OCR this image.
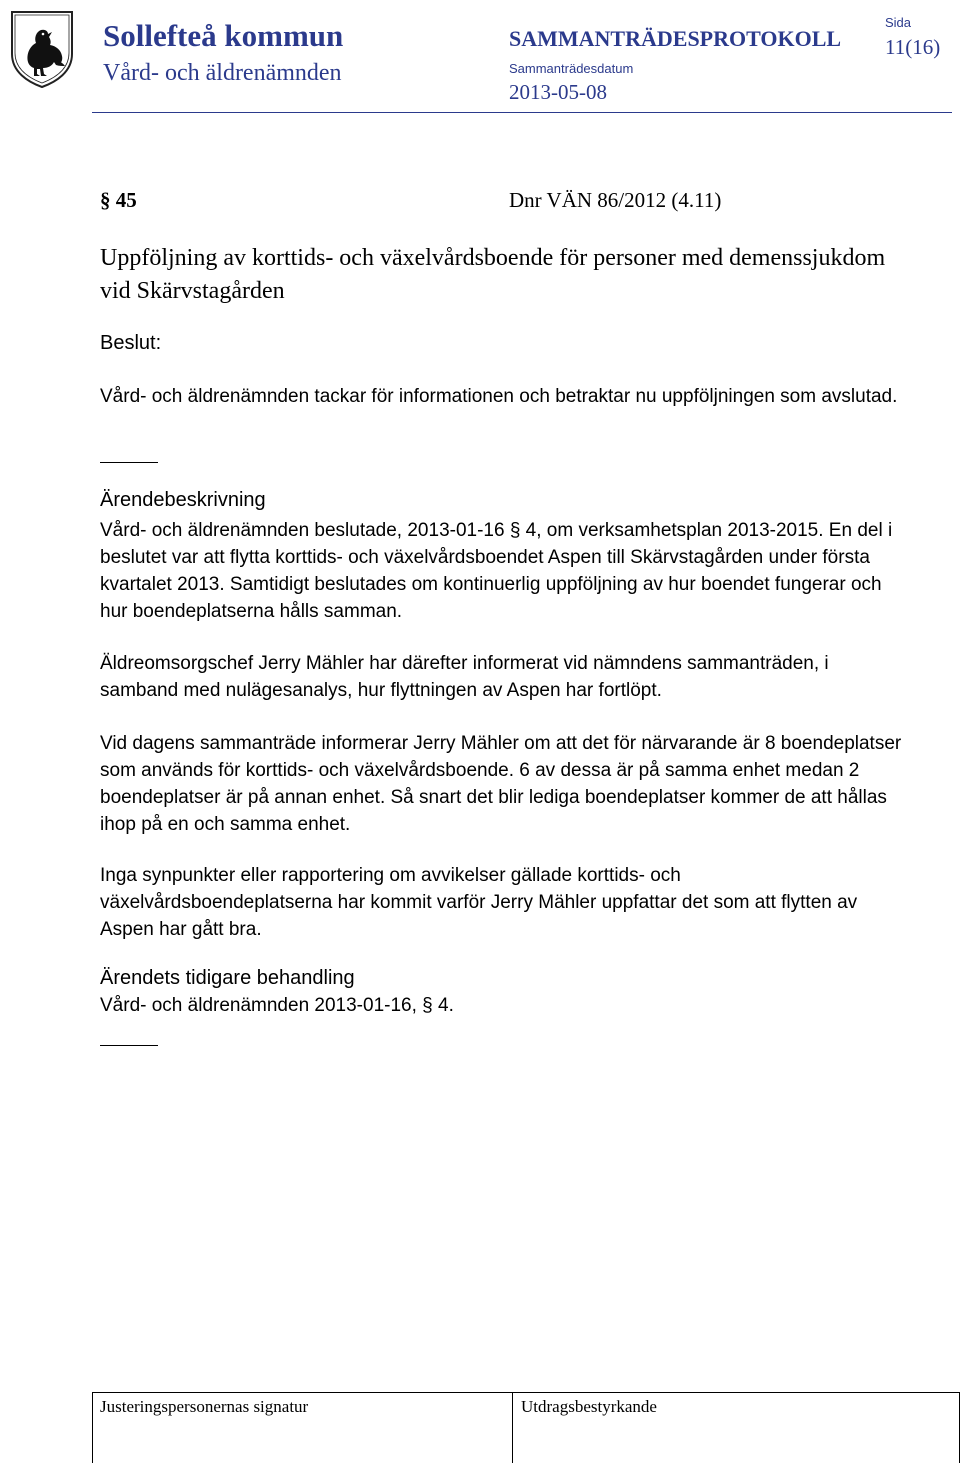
Sollefteå kommun
Vård- och äldrenämnden
SAMMANTRÄDESPROTOKOLL
Sammanträdesdatum
2013-05-08
Sida
11(16)
§ 45	Dnr VÄN 86/2012 (4.11)
Uppföljning av korttids- och växelvårdsboende för personer med demenssjukdom vid Skärvstagården
Beslut:
Vård- och äldrenämnden tackar för informationen och betraktar nu uppföljningen som avslutad.
Ärendebeskrivning
Vård- och äldrenämnden beslutade, 2013-01-16 § 4, om verksamhetsplan 2013-2015. En del i beslutet var att flytta korttids- och växelvårdsboendet Aspen till Skärvstagården under första kvartalet 2013. Samtidigt beslutades om kontinuerlig uppföljning av hur boendet fungerar och hur boendeplatserna hålls samman.
Äldreomsorgschef Jerry Mähler har därefter informerat vid nämndens sammanträden, i samband med nulägesanalys, hur flyttningen av Aspen har fortlöpt.
Vid dagens sammanträde informerar Jerry Mähler om att det för närvarande är 8 boendeplatser som används för korttids- och växelvårdsboende. 6 av dessa är på samma enhet medan 2 boendeplatser är på annan enhet. Så snart det blir lediga boendeplatser kommer de att hållas ihop på en och samma enhet.
Inga synpunkter eller rapportering om avvikelser gällade korttids- och växelvårdsboendeplatserna har kommit varför Jerry Mähler uppfattar det som att flytten av Aspen har gått bra.
Ärendets tidigare behandling
Vård- och äldrenämnden 2013-01-16, § 4.
Justeringspersonernas signatur	Utdragsbestyrkande
